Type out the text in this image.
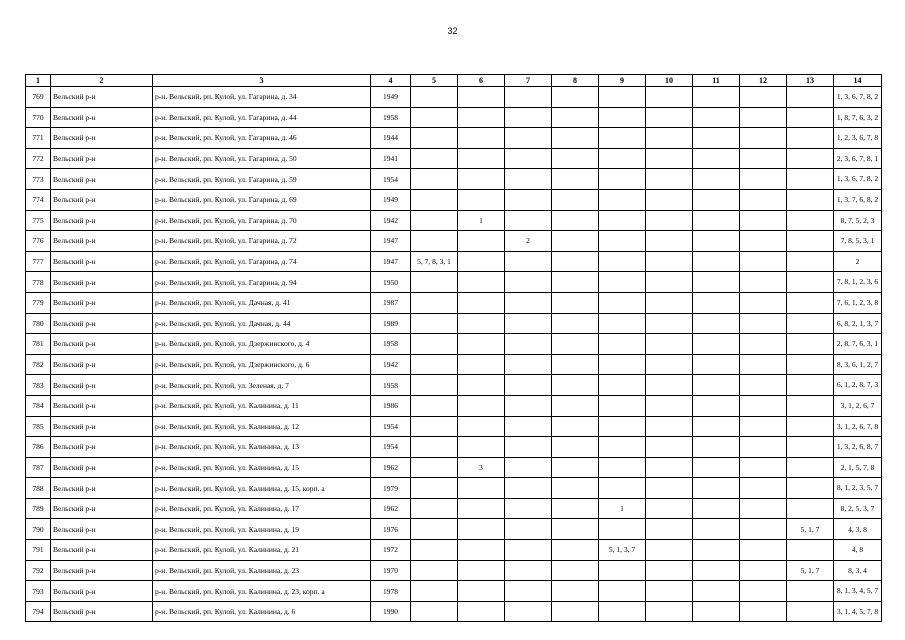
32
1	2	3	4	5	6	7	8	9	10	11	12	13	14
769	Вельский р-н	р-н. Вельский, рп. Кулой, ул. Гагарина, д. 34	1949										1, 3, 6, 7, 8, 2
770	Вельский р-н	р-н. Вельский, рп. Кулой, ул. Гагарина, д. 44	1958										1, 8, 7, 6, 3, 2
771	Вельский р-н	р-н. Вельский, рп. Кулой, ул. Гагарина, д. 46	1944										1, 2, 3, 6, 7, 8
772	Вельский р-н	р-н. Вельский, рп. Кулой, ул. Гагарина, д. 50	1941										2, 3, 6, 7, 8, 1
773	Вельский р-н	р-н. Вельский, рп. Кулой, ул. Гагарина, д. 59	1954										1, 3, 6, 7, 8, 2
774	Вельский р-н	р-н. Вельский, рп. Кулой, ул. Гагарина, д. 69	1949										1, 3, 7, 6, 8, 2
775	Вельский р-н	р-н. Вельский, рп. Кулой, ул. Гагарина, д. 70	1942		1								8, 7, 5, 2, 3
776	Вельский р-н	р-н. Вельский, рп. Кулой, ул. Гагарина, д. 72	1947			2							7, 8, 5, 3, 1
777	Вельский р-н	р-н. Вельский, рп. Кулой, ул. Гагарина, д. 74	1947	5, 7, 8, 3, 1									2
778	Вельский р-н	р-н. Вельский, рп. Кулой, ул. Гагарина, д. 94	1950										7, 8, 1, 2, 3, 6
779	Вельский р-н	р-н. Вельский, рп. Кулой, ул. Дачная, д. 41	1987										7, 6, 1, 2, 3, 8
780	Вельский р-н	р-н. Вельский, рп. Кулой, ул. Дачная, д. 44	1989										6, 8, 2, 1, 3, 7
781	Вельский р-н	р-н. Вельский, рп. Кулой, ул. Дзержинского, д. 4	1958										2, 8, 7, 6, 3, 1
782	Вельский р-н	р-н. Вельский, рп. Кулой, ул. Дзержинского, д. 6	1942										8, 3, 6, 1, 2, 7
783	Вельский р-н	р-н. Вельский, рп. Кулой, ул. Зеленая, д. 7	1958										6, 1, 2, 8, 7, 3
784	Вельский р-н	р-н. Вельский, рп. Кулой, ул. Калинина, д. 11	1986										3, 1, 2, 6, 7
785	Вельский р-н	р-н. Вельский, рп. Кулой, ул. Калинина, д. 12	1954										3, 1, 2, 6, 7, 8
786	Вельский р-н	р-н. Вельский, рп. Кулой, ул. Калинина, д. 13	1954										1, 3, 2, 6, 8, 7
787	Вельский р-н	р-н. Вельский, рп. Кулой, ул. Калинина, д. 15	1962		3								2, 1, 5, 7, 8
788	Вельский р-н	р-н. Вельский, рп. Кулой, ул. Калинина, д. 15, корп. а	1979										8, 1, 2, 3, 5, 7
789	Вельский р-н	р-н. Вельский, рп. Кулой, ул. Калинина, д. 17	1962					1					8, 2, 5, 3, 7
790	Вельский р-н	р-н. Вельский, рп. Кулой, ул. Калинина, д. 19	1976									5, 1, 7	4, 3, 8
791	Вельский р-н	р-н. Вельский, рп. Кулой, ул. Калинина, д. 21	1972					5, 1, 3, 7					4, 8
792	Вельский р-н	р-н. Вельский, рп. Кулой, ул. Калинина, д. 23	1970									5, 1, 7	8, 3, 4
793	Вельский р-н	р-н. Вельский, рп. Кулой, ул. Калинина, д. 23, корп. а	1978										8, 1, 3, 4, 5, 7
794	Вельский р-н	р-н. Вельский, рп. Кулой, ул. Калинина, д. 6	1990										3, 1, 4, 5, 7, 8
